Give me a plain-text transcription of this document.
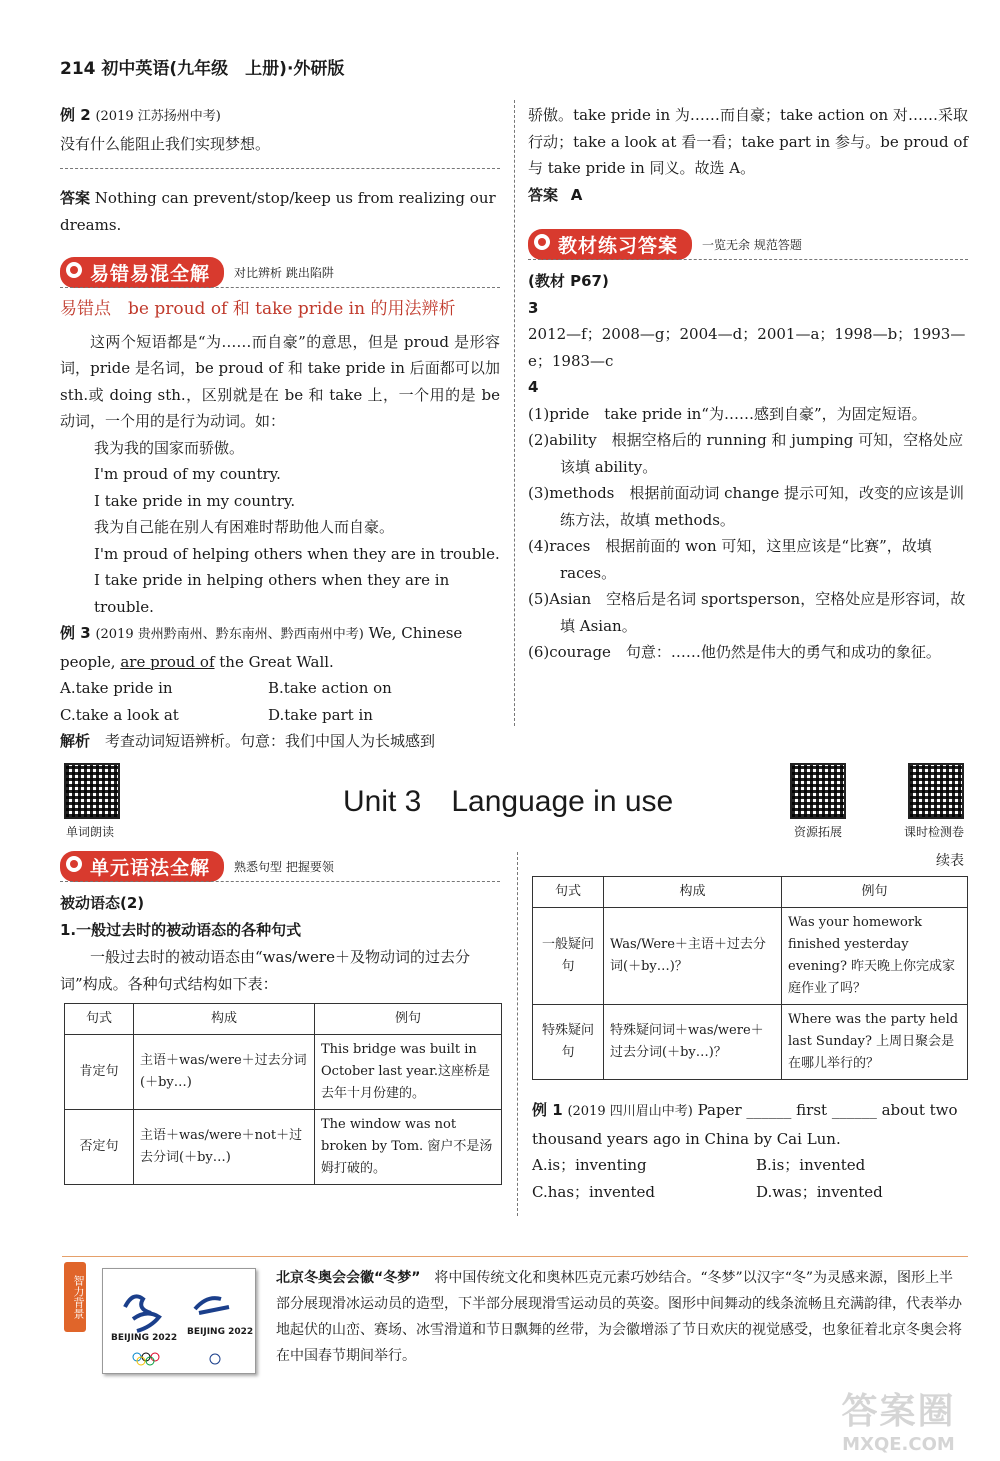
214 初中英语(九年级　上册)·外研版

例 2 (2019 江苏扬州中考)

没有什么能阻止我们实现梦想。

答案 Nothing can prevent/stop/keep us from realizing our dreams.

易错易混全解	对比辨析 跳出陷阱

易错点　be proud of 和 take pride in 的用法辨析

这两个短语都是“为……而自豪”的意思，但是 proud 是形容词，pride 是名词，be proud of 和 take pride in 后面都可以加 sth.或 doing sth.，区别就是在 be 和 take 上，一个用的是 be 动词，一个用的是行为动词。如：

我为我的国家而骄傲。

I'm proud of my country.

I take pride in my country.

我为自己能在别人有困难时帮助他人而自豪。

I'm proud of helping others when they are in trouble.

I take pride in helping others when they are in trouble.

例 3 (2019 贵州黔南州、黔东南州、黔西南州中考) We, Chinese people, are proud of the Great Wall.

A.take pride in	B.take action on
C.take a look at	D.take part in

解析　 考查动词短语辨析。句意：我们中国人为长城感到

骄傲。take pride in 为……而自豪；take action on 对……采取行动；take a look at 看一看；take part in 参与。be proud of 与 take pride in 同义。故选 A。

答案 A

教材练习答案	一览无余 规范答题

(教材 P67)

3

2012—f；2008—g；2004—d；2001—a；1998—b；1993—e；1983—c

4

(1)pride　take pride in“为……感到自豪”，为固定短语。

(2)ability　根据空格后的 running 和 jumping 可知，空格处应该填 ability。

(3)methods　根据前面动词 change 提示可知，改变的应该是训练方法，故填 methods。

(4)races　根据前面的 won 可知，这里应该是“比赛”，故填 races。

(5)Asian　空格后是名词 sportsperson，空格处应是形容词，故填 Asian。

(6)courage　句意：……他仍然是伟大的勇气和成功的象征。

单词朗读
Unit 3　Language in use
资源拓展	课时检测卷
单元语法全解	熟悉句型 把握要领

被动语态(2)

1.一般过去时的被动语态的各种句式

一般过去时的被动语态由“was/were＋及物动词的过去分词”构成。各种句式结构如下表：

句式	构成	例句
肯定句	主语＋was/were＋过去分词(＋by…)	This bridge was built in October last year.这座桥是去年十月份建的。
否定句	主语＋was/were＋not＋过去分词(＋by…)	The window was not broken by Tom. 窗户不是汤姆打破的。
续表
句式	构成	例句
一般疑问句	Was/Were＋主语＋过去分词(＋by…)？	Was your homework finished yesterday evening? 昨天晚上你完成家庭作业了吗？
特殊疑问句	特殊疑问词＋was/were＋过去分词(＋by…)？	Where was the party held last Sunday? 上周日聚会是在哪儿举行的？

例 1 (2019 四川眉山中考) Paper ______ first ______ about two thousand years ago in China by Cai Lun.

A.is；inventing	B.is；invented
C.has；invented	D.was；invented
智力背景
BEIJING 2022
BEIJING 2022
北京冬奥会会徽“冬梦”　 将中国传统文化和奥林匹克元素巧妙结合。“冬梦”以汉字“冬”为灵感来源，图形上半部分展现滑冰运动员的造型，下半部分展现滑雪运动员的英姿。图形中间舞动的线条流畅且充满韵律，代表举办地起伏的山峦、赛场、冰雪滑道和节日飘舞的丝带，为会徽增添了节日欢庆的视觉感受，也象征着北京冬奥会将在中国春节期间举行。
答案圈
MXQE.COM
